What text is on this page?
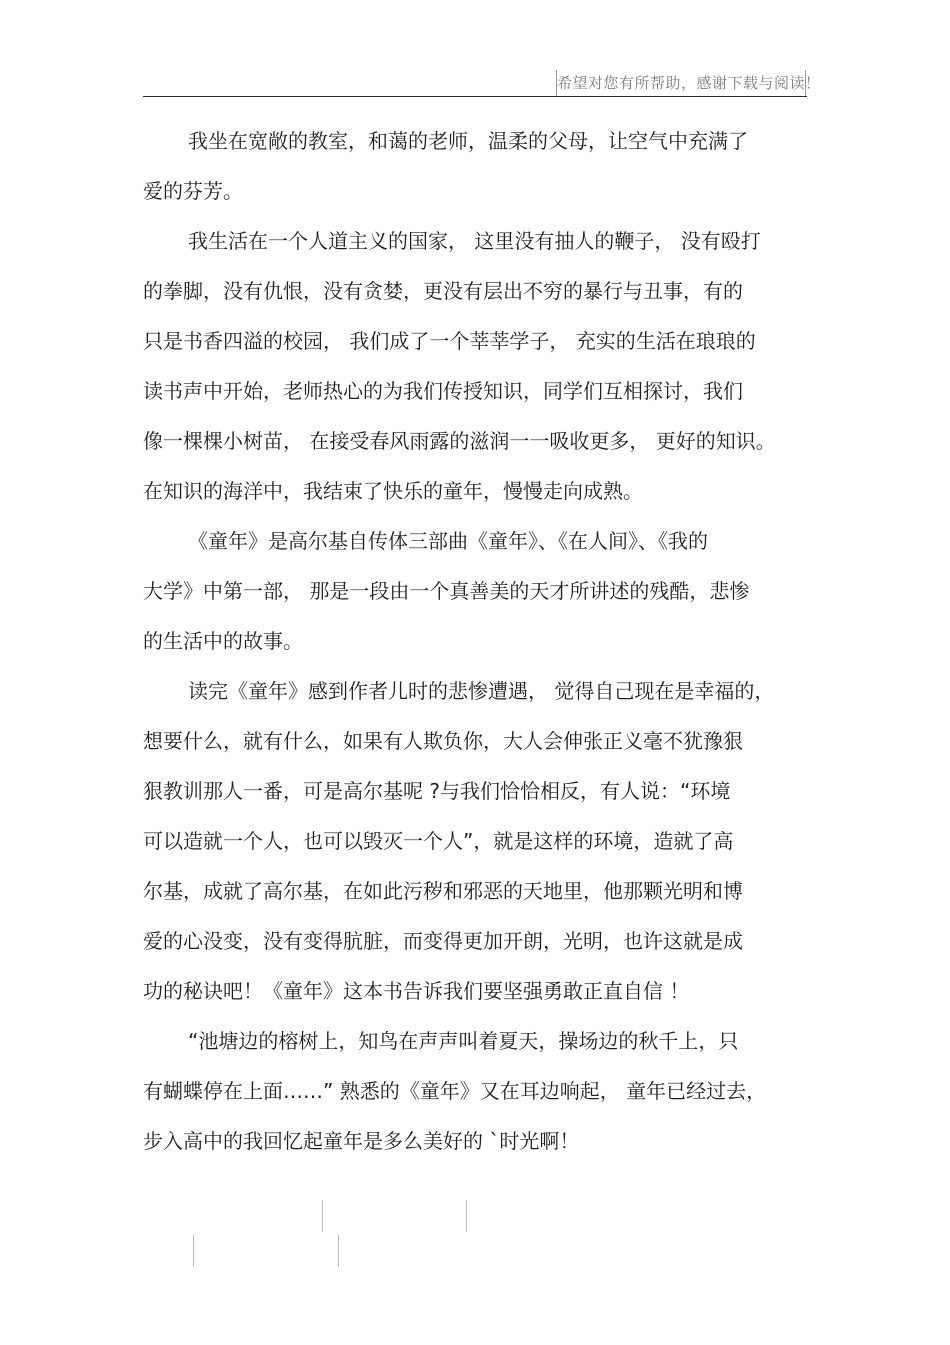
希望对您有所帮助，感谢下载与阅读！
我坐在宽敞的教室，和蔼的老师，温柔的父母，让空气中充满了
爱的芬芳。
我生活在一个人道主义的国家， 这里没有抽人的鞭子， 没有殴打
的拳脚，没有仇恨，没有贪婪，更没有层出不穷的暴行与丑事，有的
只是书香四溢的校园， 我们成了一个莘莘学子， 充实的生活在琅琅的
读书声中开始，老师热心的为我们传授知识，同学们互相探讨，我们
像一棵棵小树苗， 在接受春风雨露的滋润一一吸收更多， 更好的知识。
在知识的海洋中，我结束了快乐的童年，慢慢走向成熟。
《童年》是高尔基自传体三部曲《童年》、《在人间》、《我的
大学》中第一部， 那是一段由一个真善美的天才所讲述的残酷，悲惨
的生活中的故事。
读完《童年》感到作者儿时的悲惨遭遇， 觉得自己现在是幸福的，
想要什么，就有什么，如果有人欺负你，大人会伸张正义毫不犹豫狠
狠教训那人一番，可是高尔基呢 ?与我们恰恰相反，有人说：“环境
可以造就一个人，也可以毁灭一个人”，就是这样的环境，造就了高
尔基，成就了高尔基，在如此污秽和邪恶的天地里，他那颗光明和博
爱的心没变，没有变得肮脏，而变得更加开朗，光明，也许这就是成
功的秘诀吧！《童年》这本书告诉我们要坚强勇敢正直自信 ！
“池塘边的榕树上，知鸟在声声叫着夏天，操场边的秋千上，只
有蝴蝶停在上面……” 熟悉的《童年》又在耳边响起， 童年已经过去，
步入高中的我回忆起童年是多么美好的 `时光啊！
